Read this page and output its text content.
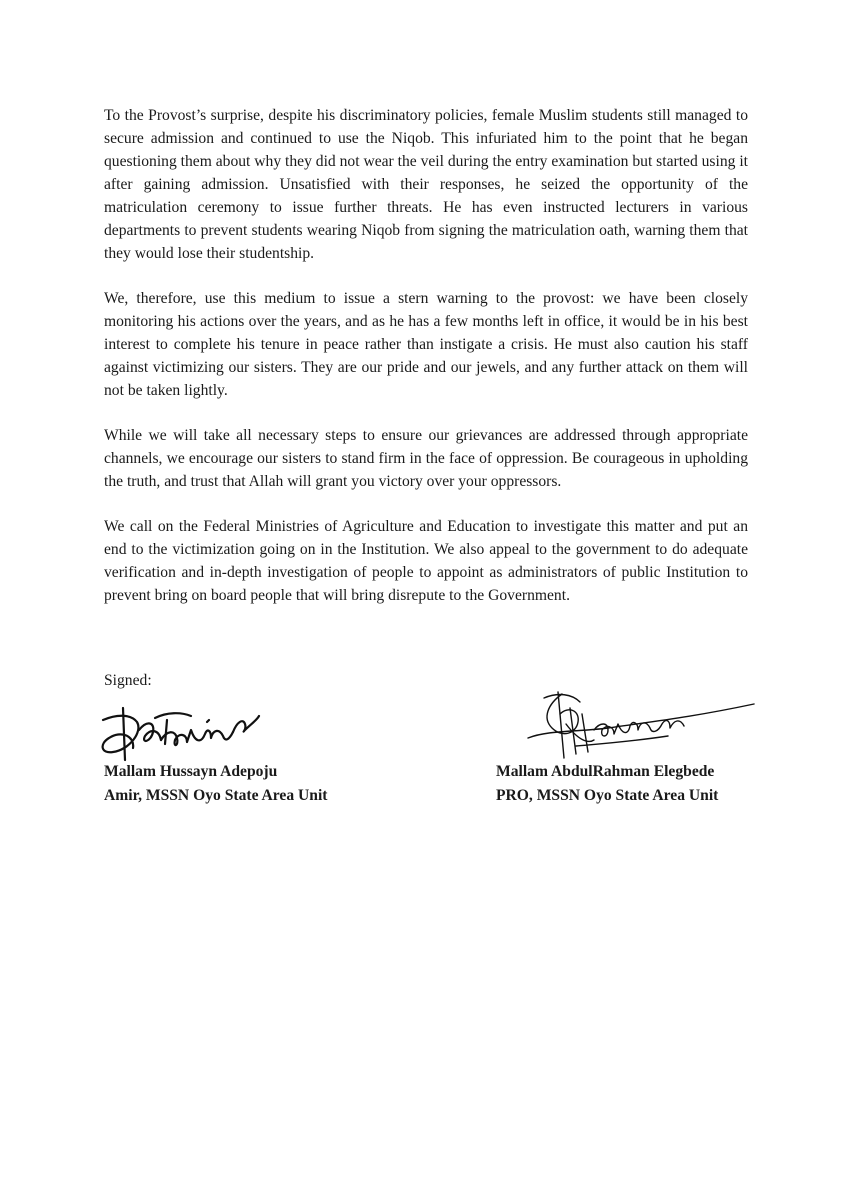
To the Provost’s surprise, despite his discriminatory policies, female Muslim students still managed to secure admission and continued to use the Niqob. This infuriated him to the point that he began questioning them about why they did not wear the veil during the entry examination but started using it after gaining admission. Unsatisfied with their responses, he seized the opportunity of the matriculation ceremony to issue further threats. He has even instructed lecturers in various departments to prevent students wearing Niqob from signing the matriculation oath, warning them that they would lose their studentship.

We, therefore, use this medium to issue a stern warning to the provost: we have been closely monitoring his actions over the years, and as he has a few months left in office, it would be in his best interest to complete his tenure in peace rather than instigate a crisis. He must also caution his staff against victimizing our sisters. They are our pride and our jewels, and any further attack on them will not be taken lightly.

While we will take all necessary steps to ensure our grievances are addressed through appropriate channels, we encourage our sisters to stand firm in the face of oppression. Be courageous in upholding the truth, and trust that Allah will grant you victory over your oppressors.

We call on the Federal Ministries of Agriculture and Education to investigate this matter and put an end to the victimization going on in the Institution. We also appeal to the government to do adequate verification and in-depth investigation of people to appoint as administrators of public Institution to prevent bring on board people that will bring disrepute to the Government.

Signed:
Mallam Hussayn Adepoju
Amir, MSSN Oyo State Area Unit
Mallam AbdulRahman Elegbede
PRO, MSSN Oyo State Area Unit
